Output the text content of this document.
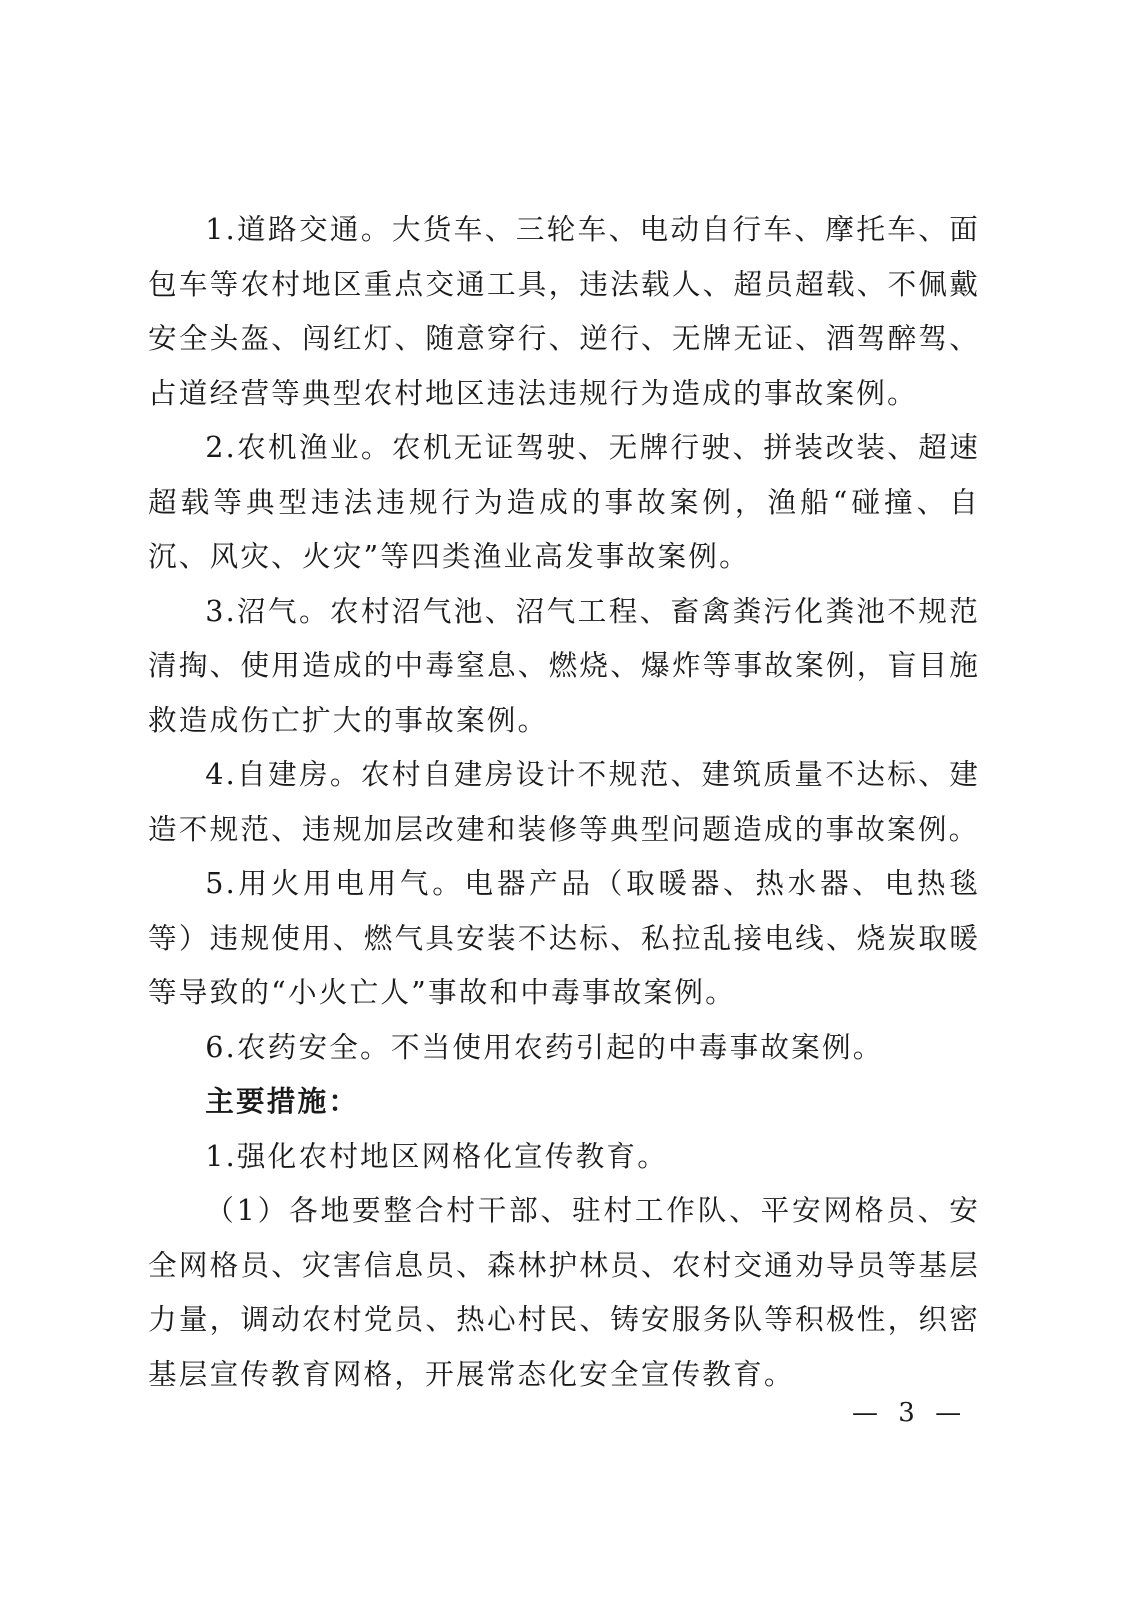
1.道路交通。大货车、三轮车、电动自行车、摩托车、面包车等农村地区重点交通工具，违法载人、超员超载、不佩戴安全头盔、闯红灯、随意穿行、逆行、无牌无证、酒驾醉驾、占道经营等典型农村地区违法违规行为造成的事故案例。

2.农机渔业。农机无证驾驶、无牌行驶、拼装改装、超速超载等典型违法违规行为造成的事故案例，渔船“碰撞、自沉、风灾、火灾”等四类渔业高发事故案例。

3.沼气。农村沼气池、沼气工程、畜禽粪污化粪池不规范清掏、使用造成的中毒窒息、燃烧、爆炸等事故案例，盲目施救造成伤亡扩大的事故案例。

4.自建房。农村自建房设计不规范、建筑质量不达标、建造不规范、违规加层改建和装修等典型问题造成的事故案例。

5.用火用电用气。电器产品（取暖器、热水器、电热毯等）违规使用、燃气具安装不达标、私拉乱接电线、烧炭取暖等导致的“小火亡人”事故和中毒事故案例。

6.农药安全。不当使用农药引起的中毒事故案例。

主要措施：

1.强化农村地区网格化宣传教育。

（1）各地要整合村干部、驻村工作队、平安网格员、安全网格员、灾害信息员、森林护林员、农村交通劝导员等基层力量，调动农村党员、热心村民、铸安服务队等积极性，织密基层宣传教育网格，开展常态化安全宣传教育。

— 3 —
